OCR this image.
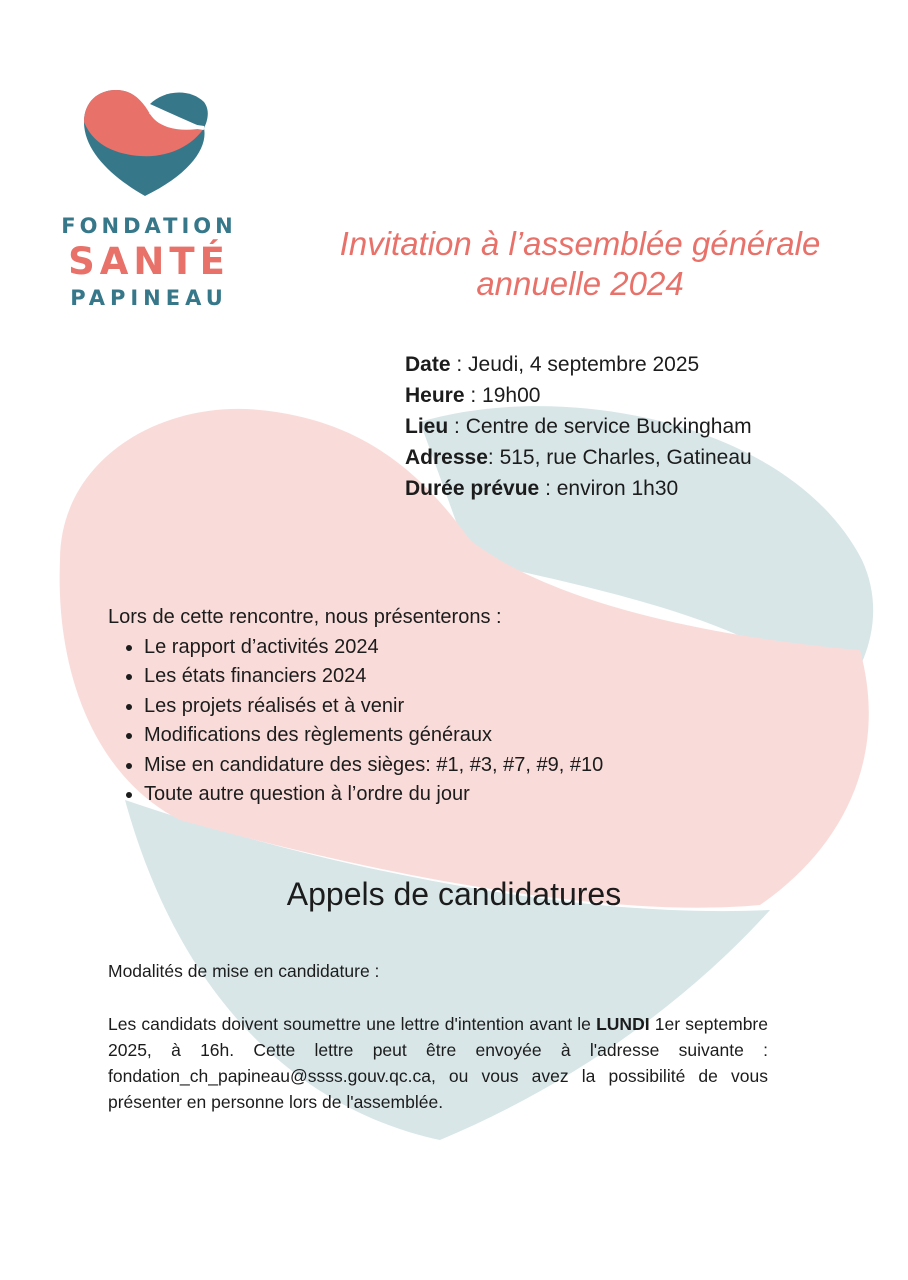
FONDATION
SANTÉ
PAPINEAU
Invitation à l’assemblée générale
annuelle 2024
Date : Jeudi, 4 septembre 2025
Heure : 19h00
Lieu : Centre de service Buckingham
Adresse: 515, rue Charles, Gatineau
Durée prévue : environ 1h30
Lors de cette rencontre, nous présenterons :
• Le rapport d’activités 2024
• Les états financiers 2024
• Les projets réalisés et à venir
• Modifications des règlements généraux
• Mise en candidature des sièges: #1, #3, #7, #9, #10
• Toute autre question à l’ordre du jour
Appels de candidatures
Modalités de mise en candidature :
Les candidats doivent soumettre une lettre d'intention avant le LUNDI 1er septembre 2025, à 16h. Cette lettre peut être envoyée à l'adresse suivante : fondation_ch_papineau@ssss.gouv.qc.ca, ou vous avez la possibilité de vous présenter en personne lors de l'assemblée.
